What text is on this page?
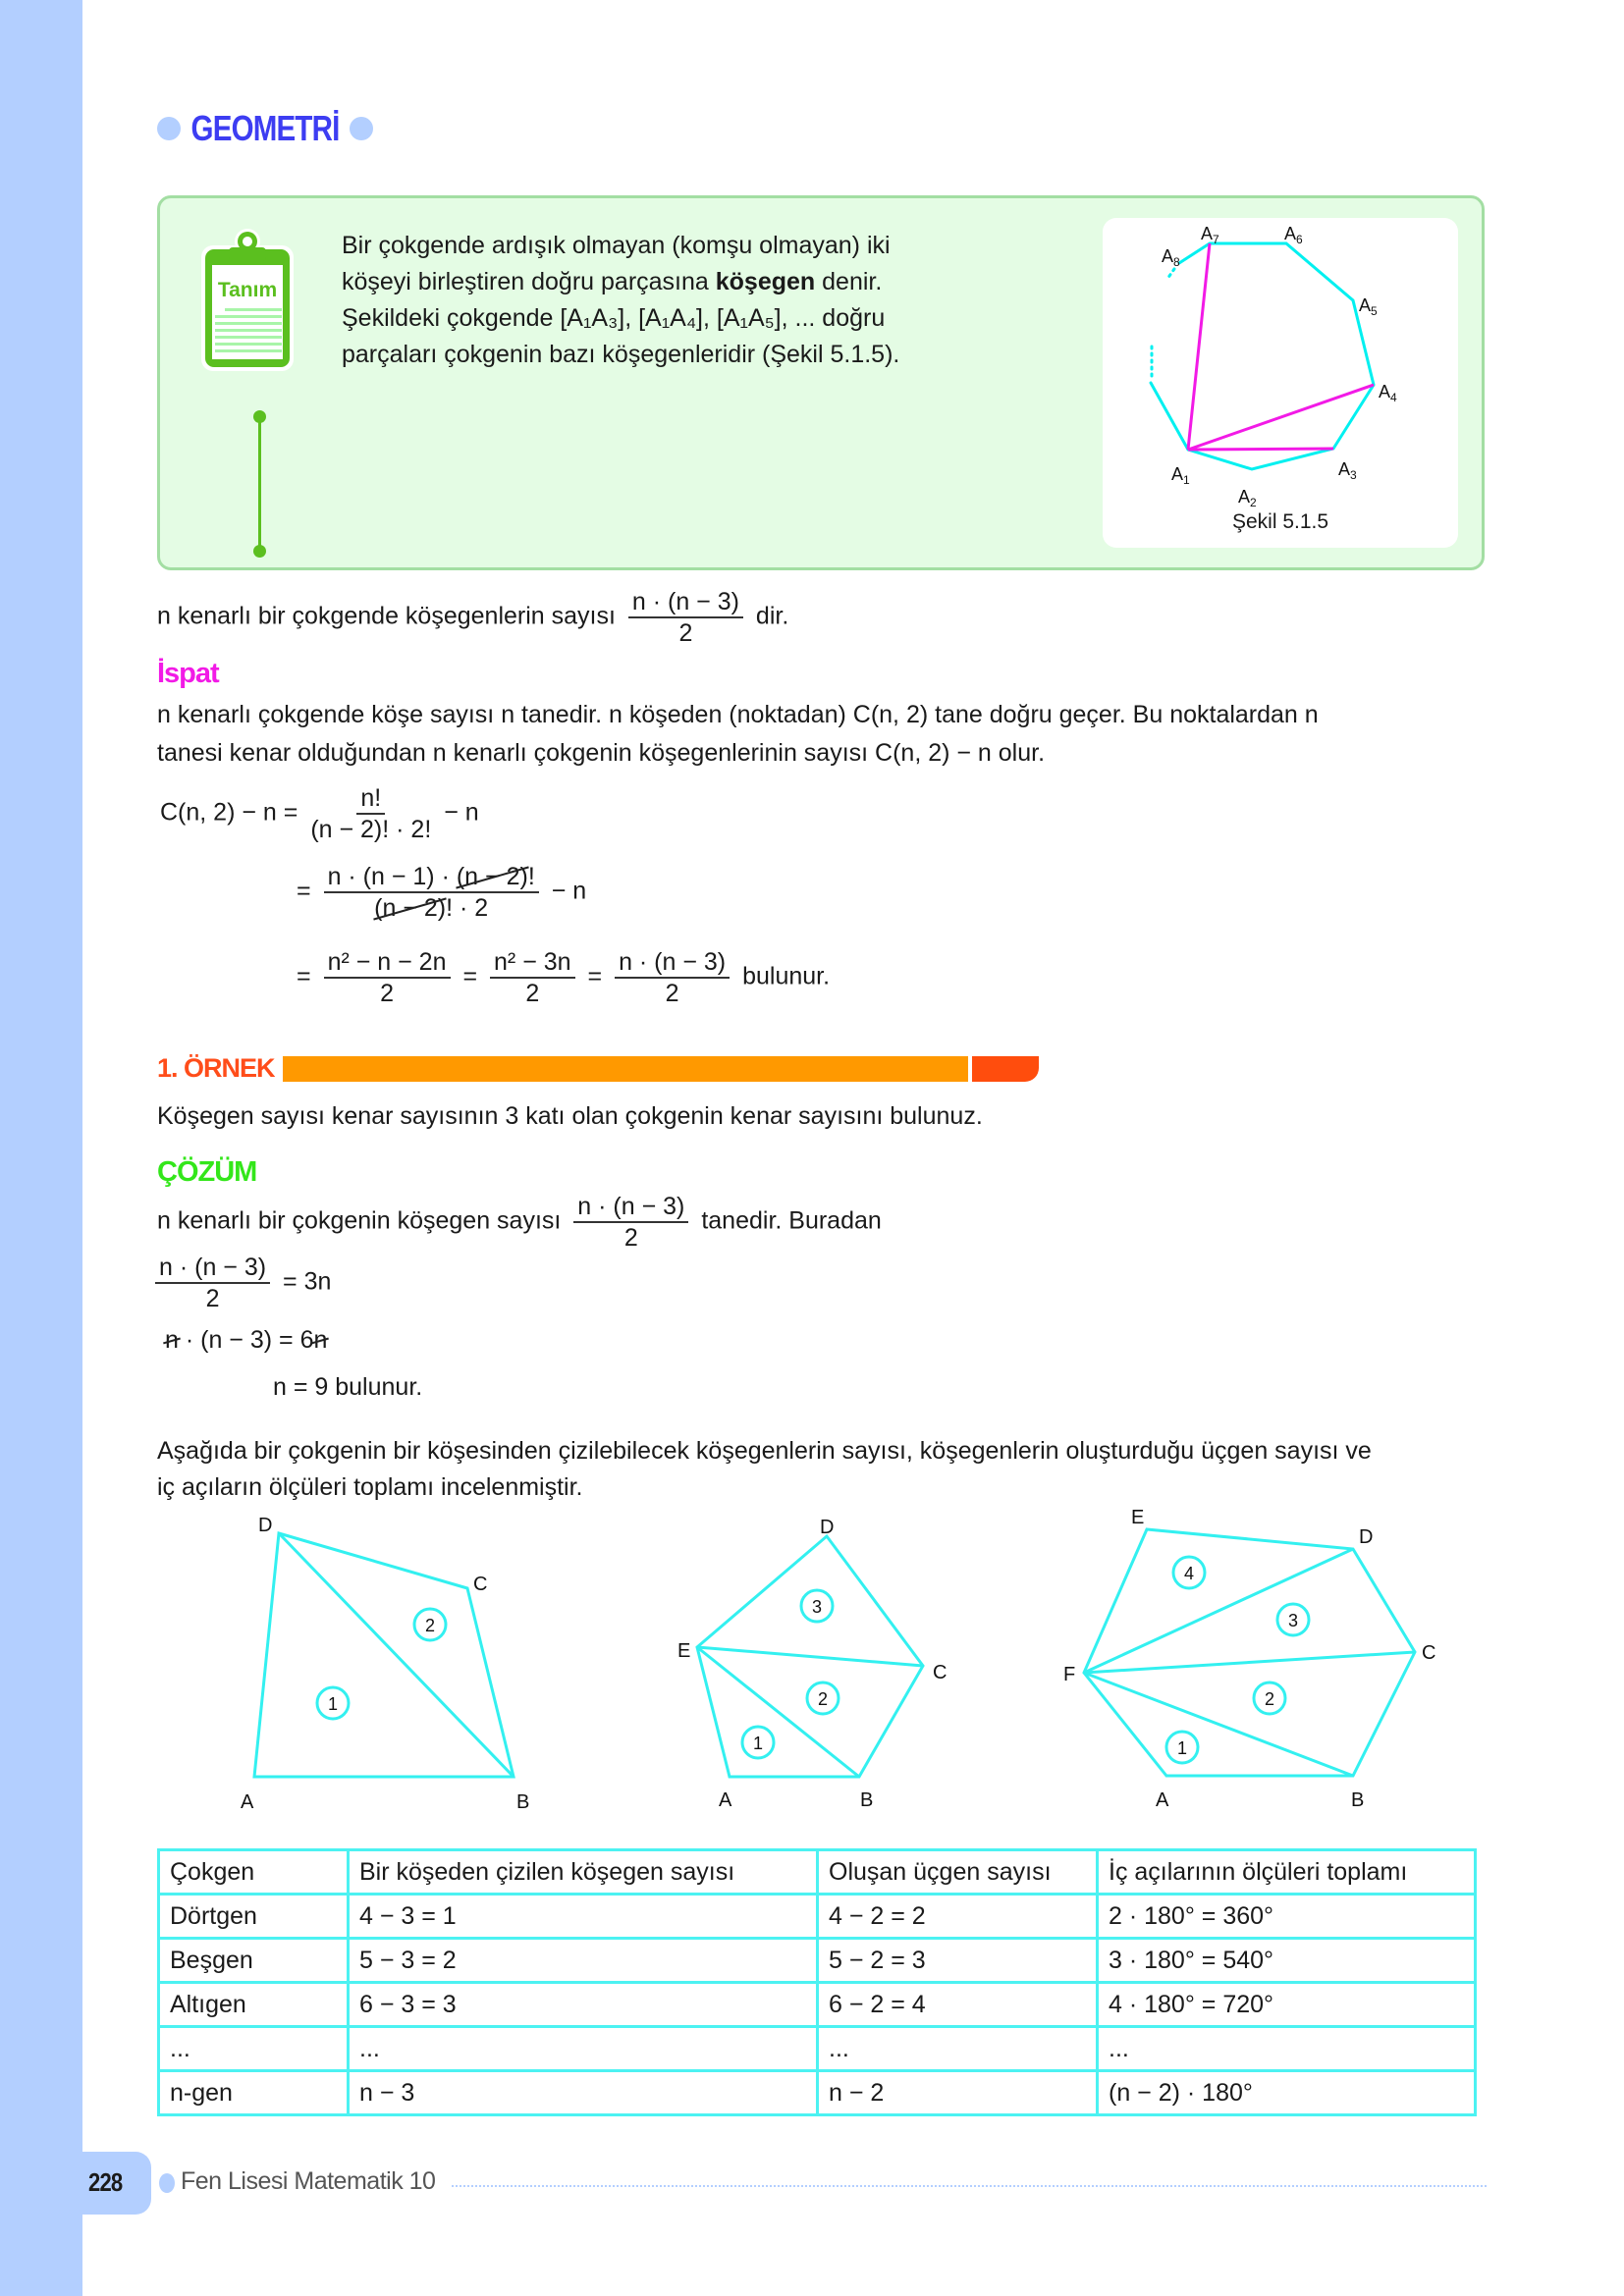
GEOMETRİ
Tanım
Bir çokgende ardışık olmayan (komşu olmayan) iki
köşeyi birleştiren doğru parçasına köşegen denir.
Şekildeki çokgende [A₁A₃], [A₁A₄], [A₁A₅], ... doğru
parçaları çokgenin bazı köşegenleridir (Şekil 5.1.5).
$A_1$
$A_2$
$A_3$
$A_4$
$A_5$
$A_6$
$A_7$
$A_8$
Şekil 5.1.5
n kenarlı bir çokgende köşegenlerin sayısı $\frac{n \cdot (n - 3)}{2}$ dir.
İspat
n kenarlı çokgende köşe sayısı n tanedir. n köşeden (noktadan) C(n, 2) tane doğru geçer. Bu noktalardan n
tanesi kenar olduğundan n kenarlı çokgenin köşegenlerinin sayısı C(n, 2) − n olur.
C(n, $2) - n = \frac{n!}{(n - 2)! \cdot 2!} - n$
= $\frac{n \cdot (n - 1) \cdot (n - 2)!}{(n - 2)! \cdot 2} - n$
= $\frac{\text{n² − n − 2n}}{2} = \frac{\text{n² − 3n}}{2} = \frac{n \cdot (n - 3)}{2}$ bulunur.
1. ÖRNEK
Köşegen sayısı kenar sayısının 3 katı olan çokgenin kenar sayısını bulunuz.
ÇÖZÜM
n kenarlı bir çokgenin köşegen sayısı $\frac{n \cdot (n - 3)}{2}$ tanedir. Buradan
$\frac{n \cdot (n - 3)}{2} = 3n$
n · (n − 3) = 6n
n = 9 bulunur.
Aşağıda bir çokgenin bir köşesinden çizilebilecek köşegenlerin sayısı, köşegenlerin oluşturduğu üçgen sayısı ve
iç açıların ölçüleri toplamı incelenmiştir.
A	B
C
D
1
2
A	B
C
D
E
1
2
3
A	B
C
D
E
F
1
2
3
4
Çokgen	Bir köşeden çizilen köşegen sayısı	Oluşan üçgen sayısı	İç açılarının ölçüleri toplamı
Dörtgen	4 − 3 = 1	4 − 2 = 2	2 · 180° = 360°
Beşgen	5 − 3 = 2	5 − 2 = 3	3 · 180° = 540°
Altıgen	6 − 3 = 3	6 − 2 = 4	4 · 180° = 720°
...	...	...	...
n-gen	n − 3	n − 2	(n − 2) · 180°
228 Fen Lisesi Matematik 10
